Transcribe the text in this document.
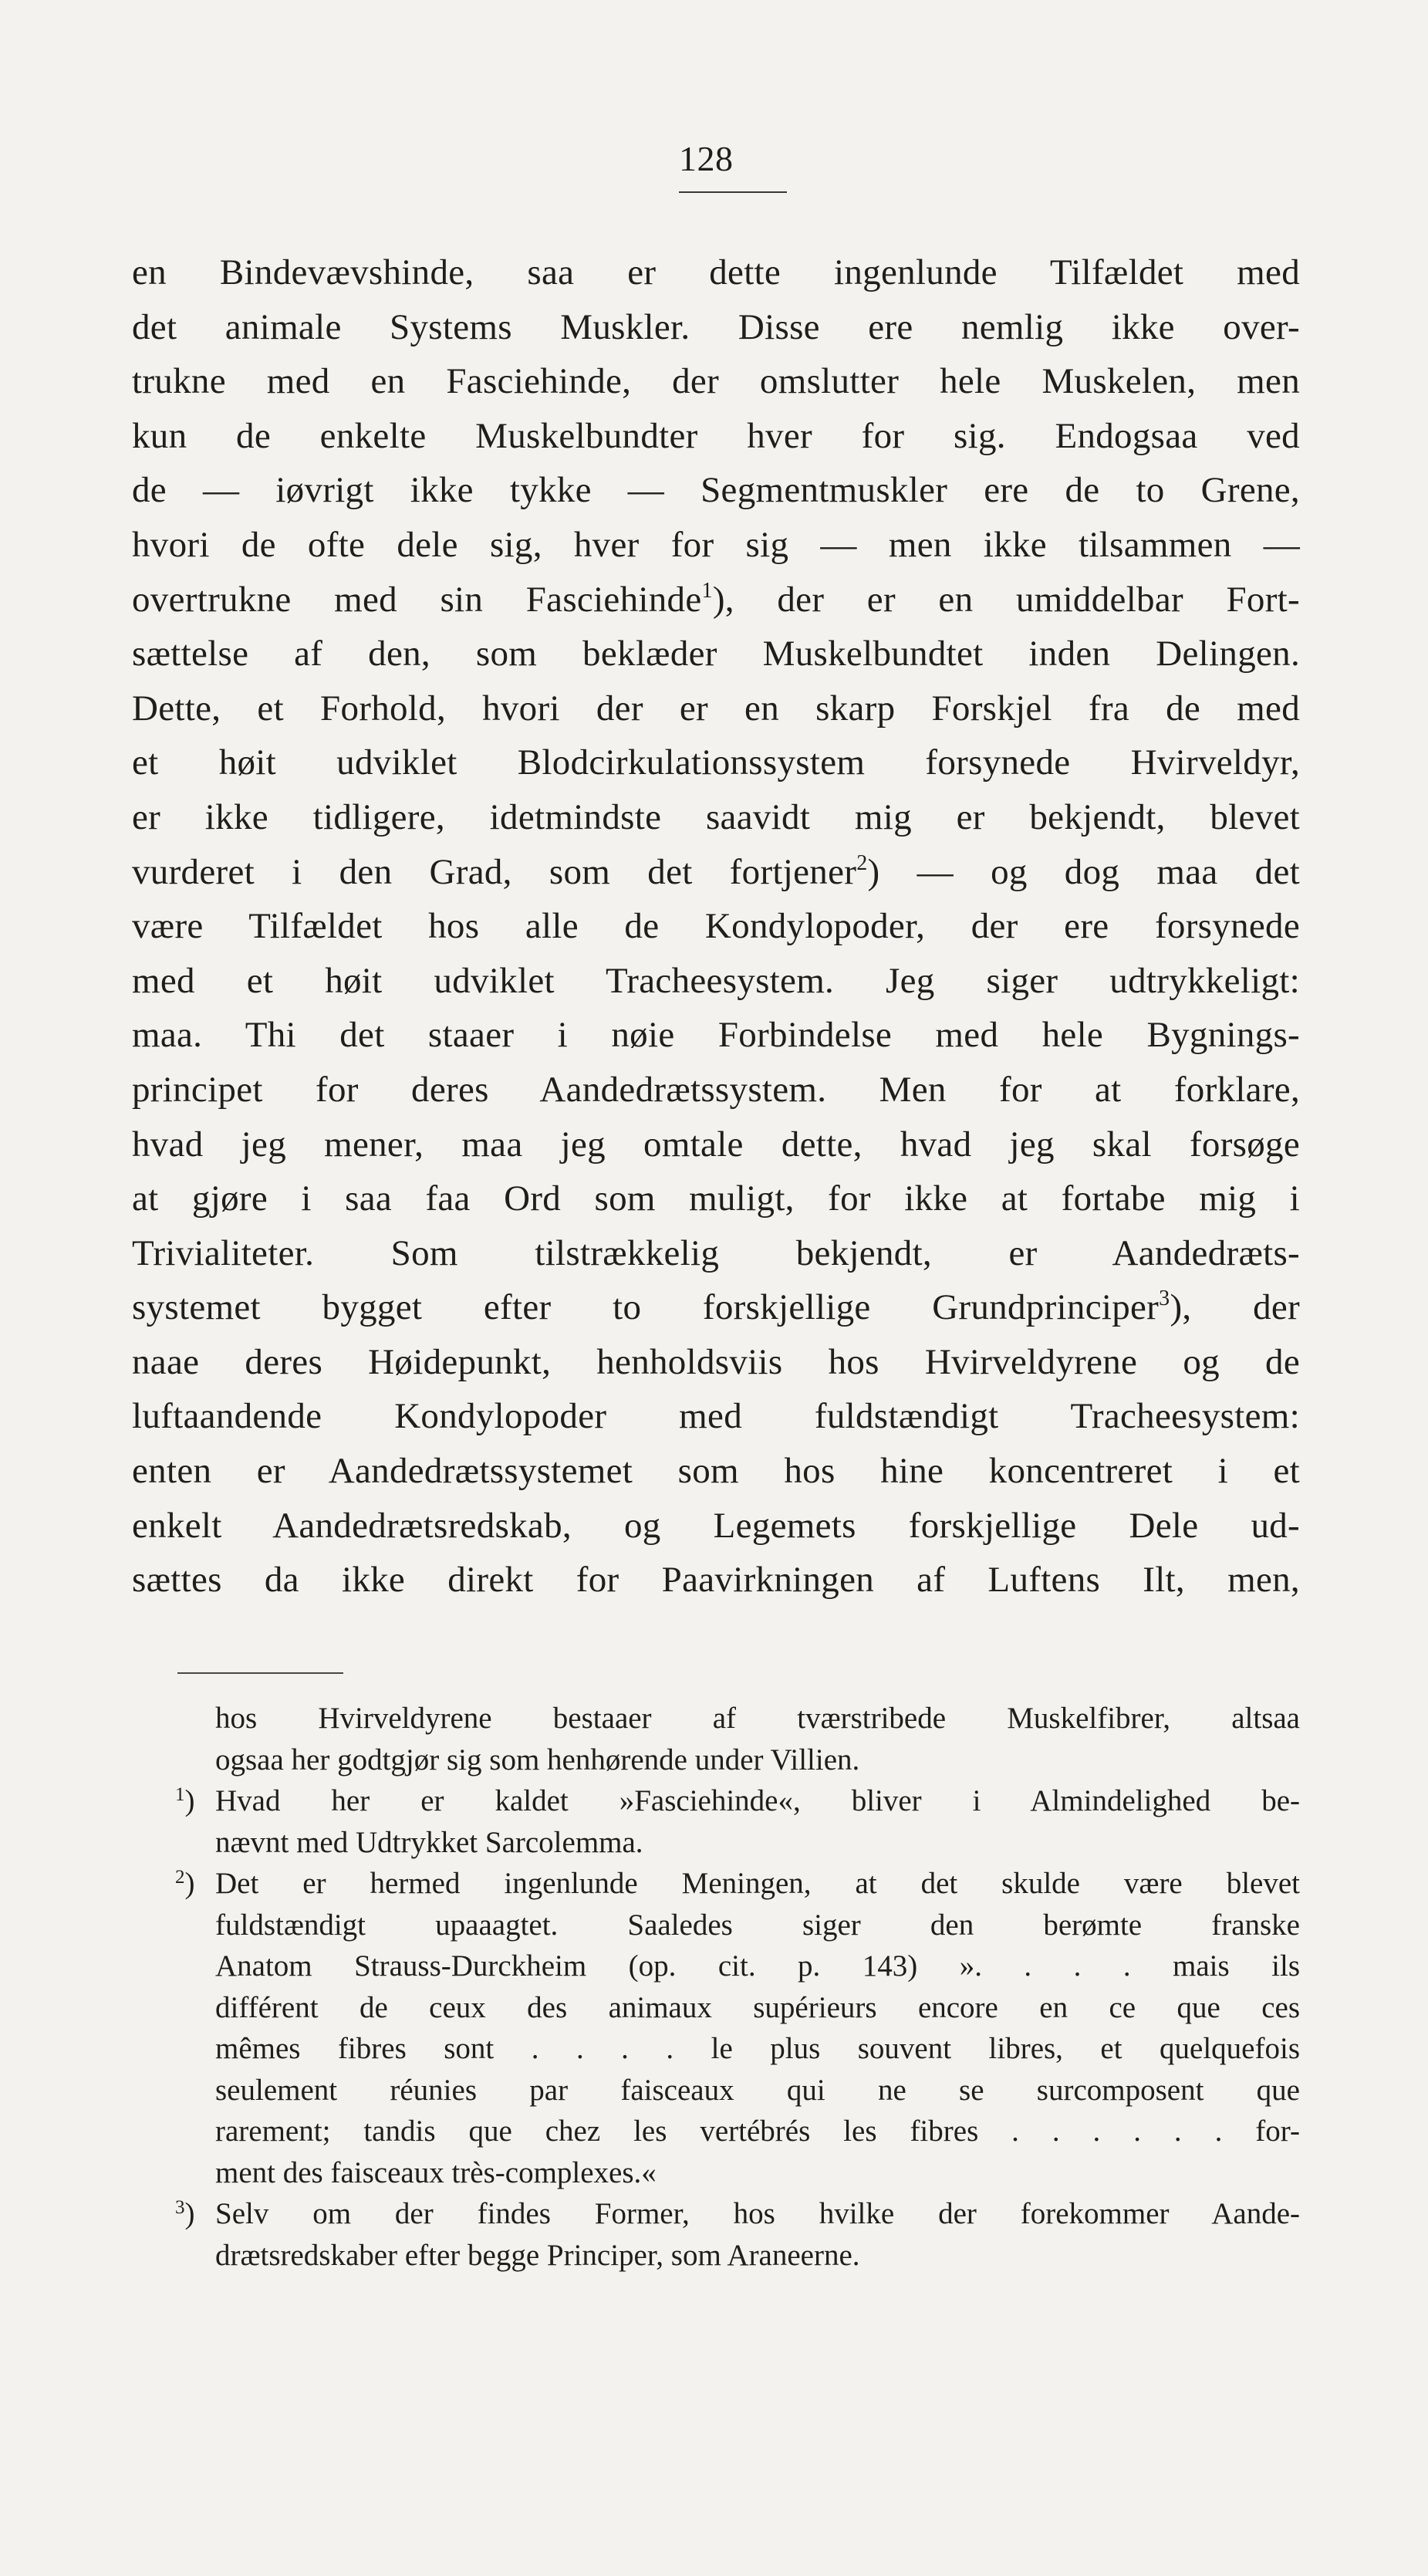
128
en Bindevævshinde, saa er dette ingenlunde Tilfældet med
det animale Systems Muskler. Disse ere nemlig ikke over-
trukne med en Fasciehinde, der omslutter hele Muskelen, men
kun de enkelte Muskelbundter hver for sig. Endogsaa ved
de — iøvrigt ikke tykke — Segmentmuskler ere de to Grene,
hvori de ofte dele sig, hver for sig — men ikke tilsammen —
overtrukne med sin Fasciehinde$^1$), der er en umiddelbar Fort-
sættelse af den, som beklæder Muskelbundtet inden Delingen.
Dette, et Forhold, hvori der er en skarp Forskjel fra de med
et høit udviklet Blodcirkulationssystem forsynede Hvirveldyr,
er ikke tidligere, idetmindste saavidt mig er bekjendt, blevet
vurderet i den Grad, som det fortjener$^2$) — og dog maa det
være Tilfældet hos alle de Kondylopoder, der ere forsynede
med et høit udviklet Tracheesystem. Jeg siger udtrykkeligt:
maa. Thi det staaer i nøie Forbindelse med hele Bygnings-
principet for deres Aandedrætssystem. Men for at forklare,
hvad jeg mener, maa jeg omtale dette, hvad jeg skal forsøge
at gjøre i saa faa Ord som muligt, for ikke at fortabe mig i
Trivialiteter. Som tilstrækkelig bekjendt, er Aandedræts-
systemet bygget efter to forskjellige Grundprinciper$^3$), der
naae deres Høidepunkt, henholdsviis hos Hvirveldyrene og de
luftaandende Kondylopoder med fuldstændigt Tracheesystem:
enten er Aandedrætssystemet som hos hine koncentreret i et
enkelt Aandedrætsredskab, og Legemets forskjellige Dele ud-
sættes da ikke direkt for Paavirkningen af Luftens Ilt, men,
hos Hvirveldyrene bestaaer af tværstribede Muskelfibrer, altsaa
ogsaa her godtgjør sig som henhørende under Villien.
$^1$) Hvad her er kaldet »Fasciehinde«, bliver i Almindelighed be-
nævnt med Udtrykket Sarcolemma.
$^2$) Det er hermed ingenlunde Meningen, at det skulde være blevet
fuldstændigt upaaagtet. Saaledes siger den berømte franske
Anatom Strauss-Durckheim (op. cit. p. 143) ». . . . mais ils
différent de ceux des animaux supérieurs encore en ce que ces
mêmes fibres sont . . . . le plus souvent libres, et quelquefois
seulement réunies par faisceaux qui ne se surcomposent que
rarement; tandis que chez les vertébrés les fibres . . . . . . for-
ment des faisceaux très-complexes.«
$^3$) Selv om der findes Former, hos hvilke der forekommer Aande-
drætsredskaber efter begge Principer, som Araneerne.
